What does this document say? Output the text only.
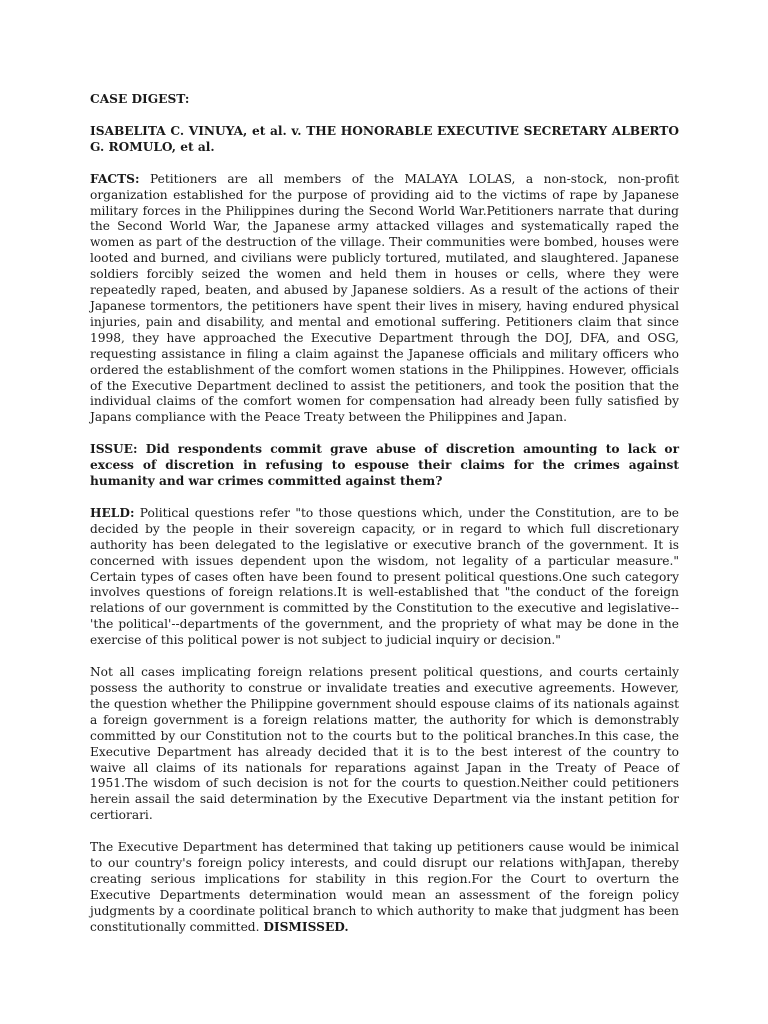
CASE DIGEST:

ISABELITA C. VINUYA, et al. v. THE HONORABLE EXECUTIVE SECRETARY ALBERTO G. ROMULO, et al.

FACTS: Petitioners are all members of the MALAYA LOLAS, a non-stock, non-profit organization established for the purpose of providing aid to the victims of rape by Japanese military forces in the Philippines during the Second World War.Petitioners narrate that during the Second World War, the Japanese army attacked villages and systematically raped the women as part of the destruction of the village. Their communities were bombed, houses were looted and burned, and civilians were publicly tortured, mutilated, and slaughtered. Japanese soldiers forcibly seized the women and held them in houses or cells, where they were repeatedly raped, beaten, and abused by Japanese soldiers. As a result of the actions of their Japanese tormentors, the petitioners have spent their lives in misery, having endured physical injuries, pain and disability, and mental and emotional suffering. Petitioners claim that since 1998, they have approached the Executive Department through the DOJ, DFA, and OSG, requesting assistance in filing a claim against the Japanese officials and military officers who ordered the establishment of the comfort women stations in the Philippines. However, officials of the Executive Department declined to assist the petitioners, and took the position that the individual claims of the comfort women for compensation had already been fully satisfied by Japans compliance with the Peace Treaty between the Philippines and Japan.

ISSUE: Did respondents commit grave abuse of discretion amounting to lack or excess of discretion in refusing to espouse their claims for the crimes against humanity and war crimes committed against them?

HELD: Political questions refer "to those questions which, under the Constitution, are to be decided by the people in their sovereign capacity, or in regard to which full discretionary authority has been delegated to the legislative or executive branch of the government. It is concerned with issues dependent upon the wisdom, not legality of a particular measure." Certain types of cases often have been found to present political questions.One such category involves questions of foreign relations.It is well-established that "the conduct of the foreign relations of our government is committed by the Constitution to the executive and legislative--'the political'--departments of the government, and the propriety of what may be done in the exercise of this political power is not subject to judicial inquiry or decision."

Not all cases implicating foreign relations present political questions, and courts certainly possess the authority to construe or invalidate treaties and executive agreements. However, the question whether the Philippine government should espouse claims of its nationals against a foreign government is a foreign relations matter, the authority for which is demonstrably committed by our Constitution not to the courts but to the political branches.In this case, the Executive Department has already decided that it is to the best interest of the country to waive all claims of its nationals for reparations against Japan in the Treaty of Peace of 1951.The wisdom of such decision is not for the courts to question.Neither could petitioners herein assail the said determination by the Executive Department via the instant petition for certiorari.

The Executive Department has determined that taking up petitioners cause would be inimical to our country's foreign policy interests, and could disrupt our relations withJapan, thereby creating serious implications for stability in this region.For the Court to overturn the Executive Departments determination would mean an assessment of the foreign policy judgments by a coordinate political branch to which authority to make that judgment has been constitutionally committed. DISMISSED.
